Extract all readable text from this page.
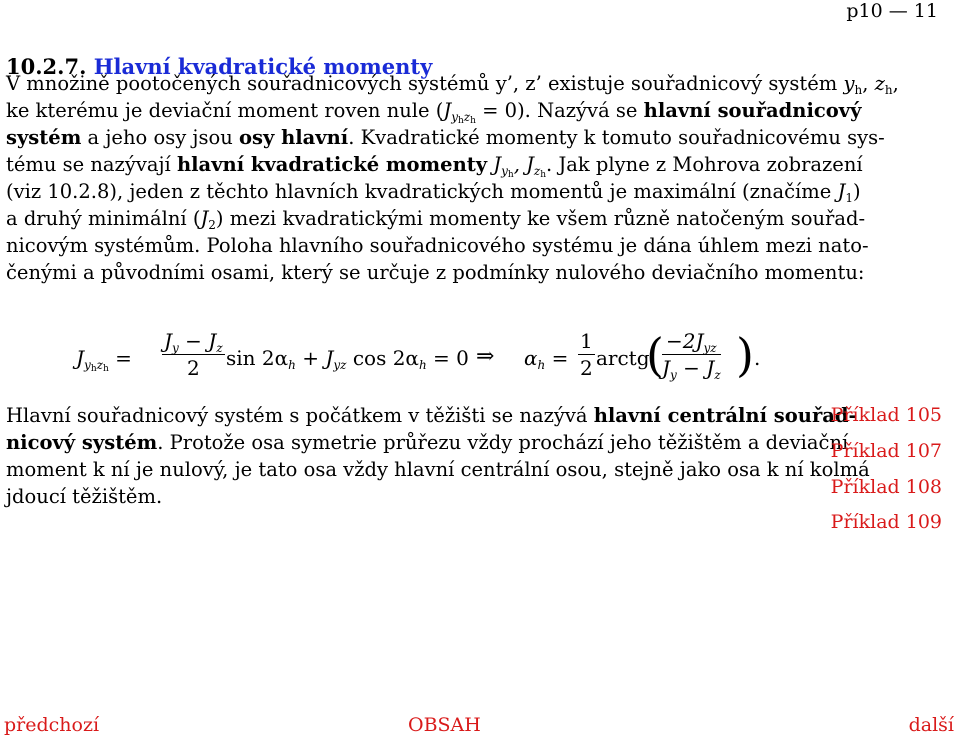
p10 — 11
10.2.7. Hlavní kvadratické momenty
V množině pootočených souřadnicových systémů y’, z’ existuje souřadnicový systém $y_h$, $z_h$,
ke kterému je deviační moment roven nule $(J_{y_hz_h} = 0)$. Nazývá se hlavní souřadnicový
systém a jeho osy jsou osy hlavní. Kvadratické momenty k tomuto souřadnicovému sys-
tému se nazývají hlavní kvadratické momenty $J_{y_h}$, $J_{z_h}$. Jak plyne z Mohrova zobrazení
(viz 10.2.8), jeden z těchto hlavních kvadratických momentů je maximální (značíme $J_1$)
a druhý minimální $(J_2)$ mezi kvadratickými momenty ke všem různě natočeným souřad-
nicovým systémům. Poloha hlavního souřadnicového systému je dána úhlem mezi nato-
čenými a původními osami, který se určuje z podmínky nulového deviačního momentu:
$J_{y_hz_h} = \frac{J_y - J_z}{2}$ $\sin 2\alpha_h + J_{yz}$ $\cos 2\alpha_h = 0$ ⇒ $\alpha_h = \frac{1}{2}$ arctg
( $-2J_{yz}$
$J_y - J_z$ ) .
Hlavní souřadnicový systém s počátkem v těžišti se nazývá hlavní centrální souřad-
nicový systém. Protože osa symetrie průřezu vždy prochází jeho těžištěm a deviační
moment k ní je nulový, je tato osa vždy hlavní centrální osou, stejně jako osa k ní kolmá
jdoucí těžištěm.
Příklad 105
Příklad 107
Příklad 108
Příklad 109
předchozí	OBSAH	další
